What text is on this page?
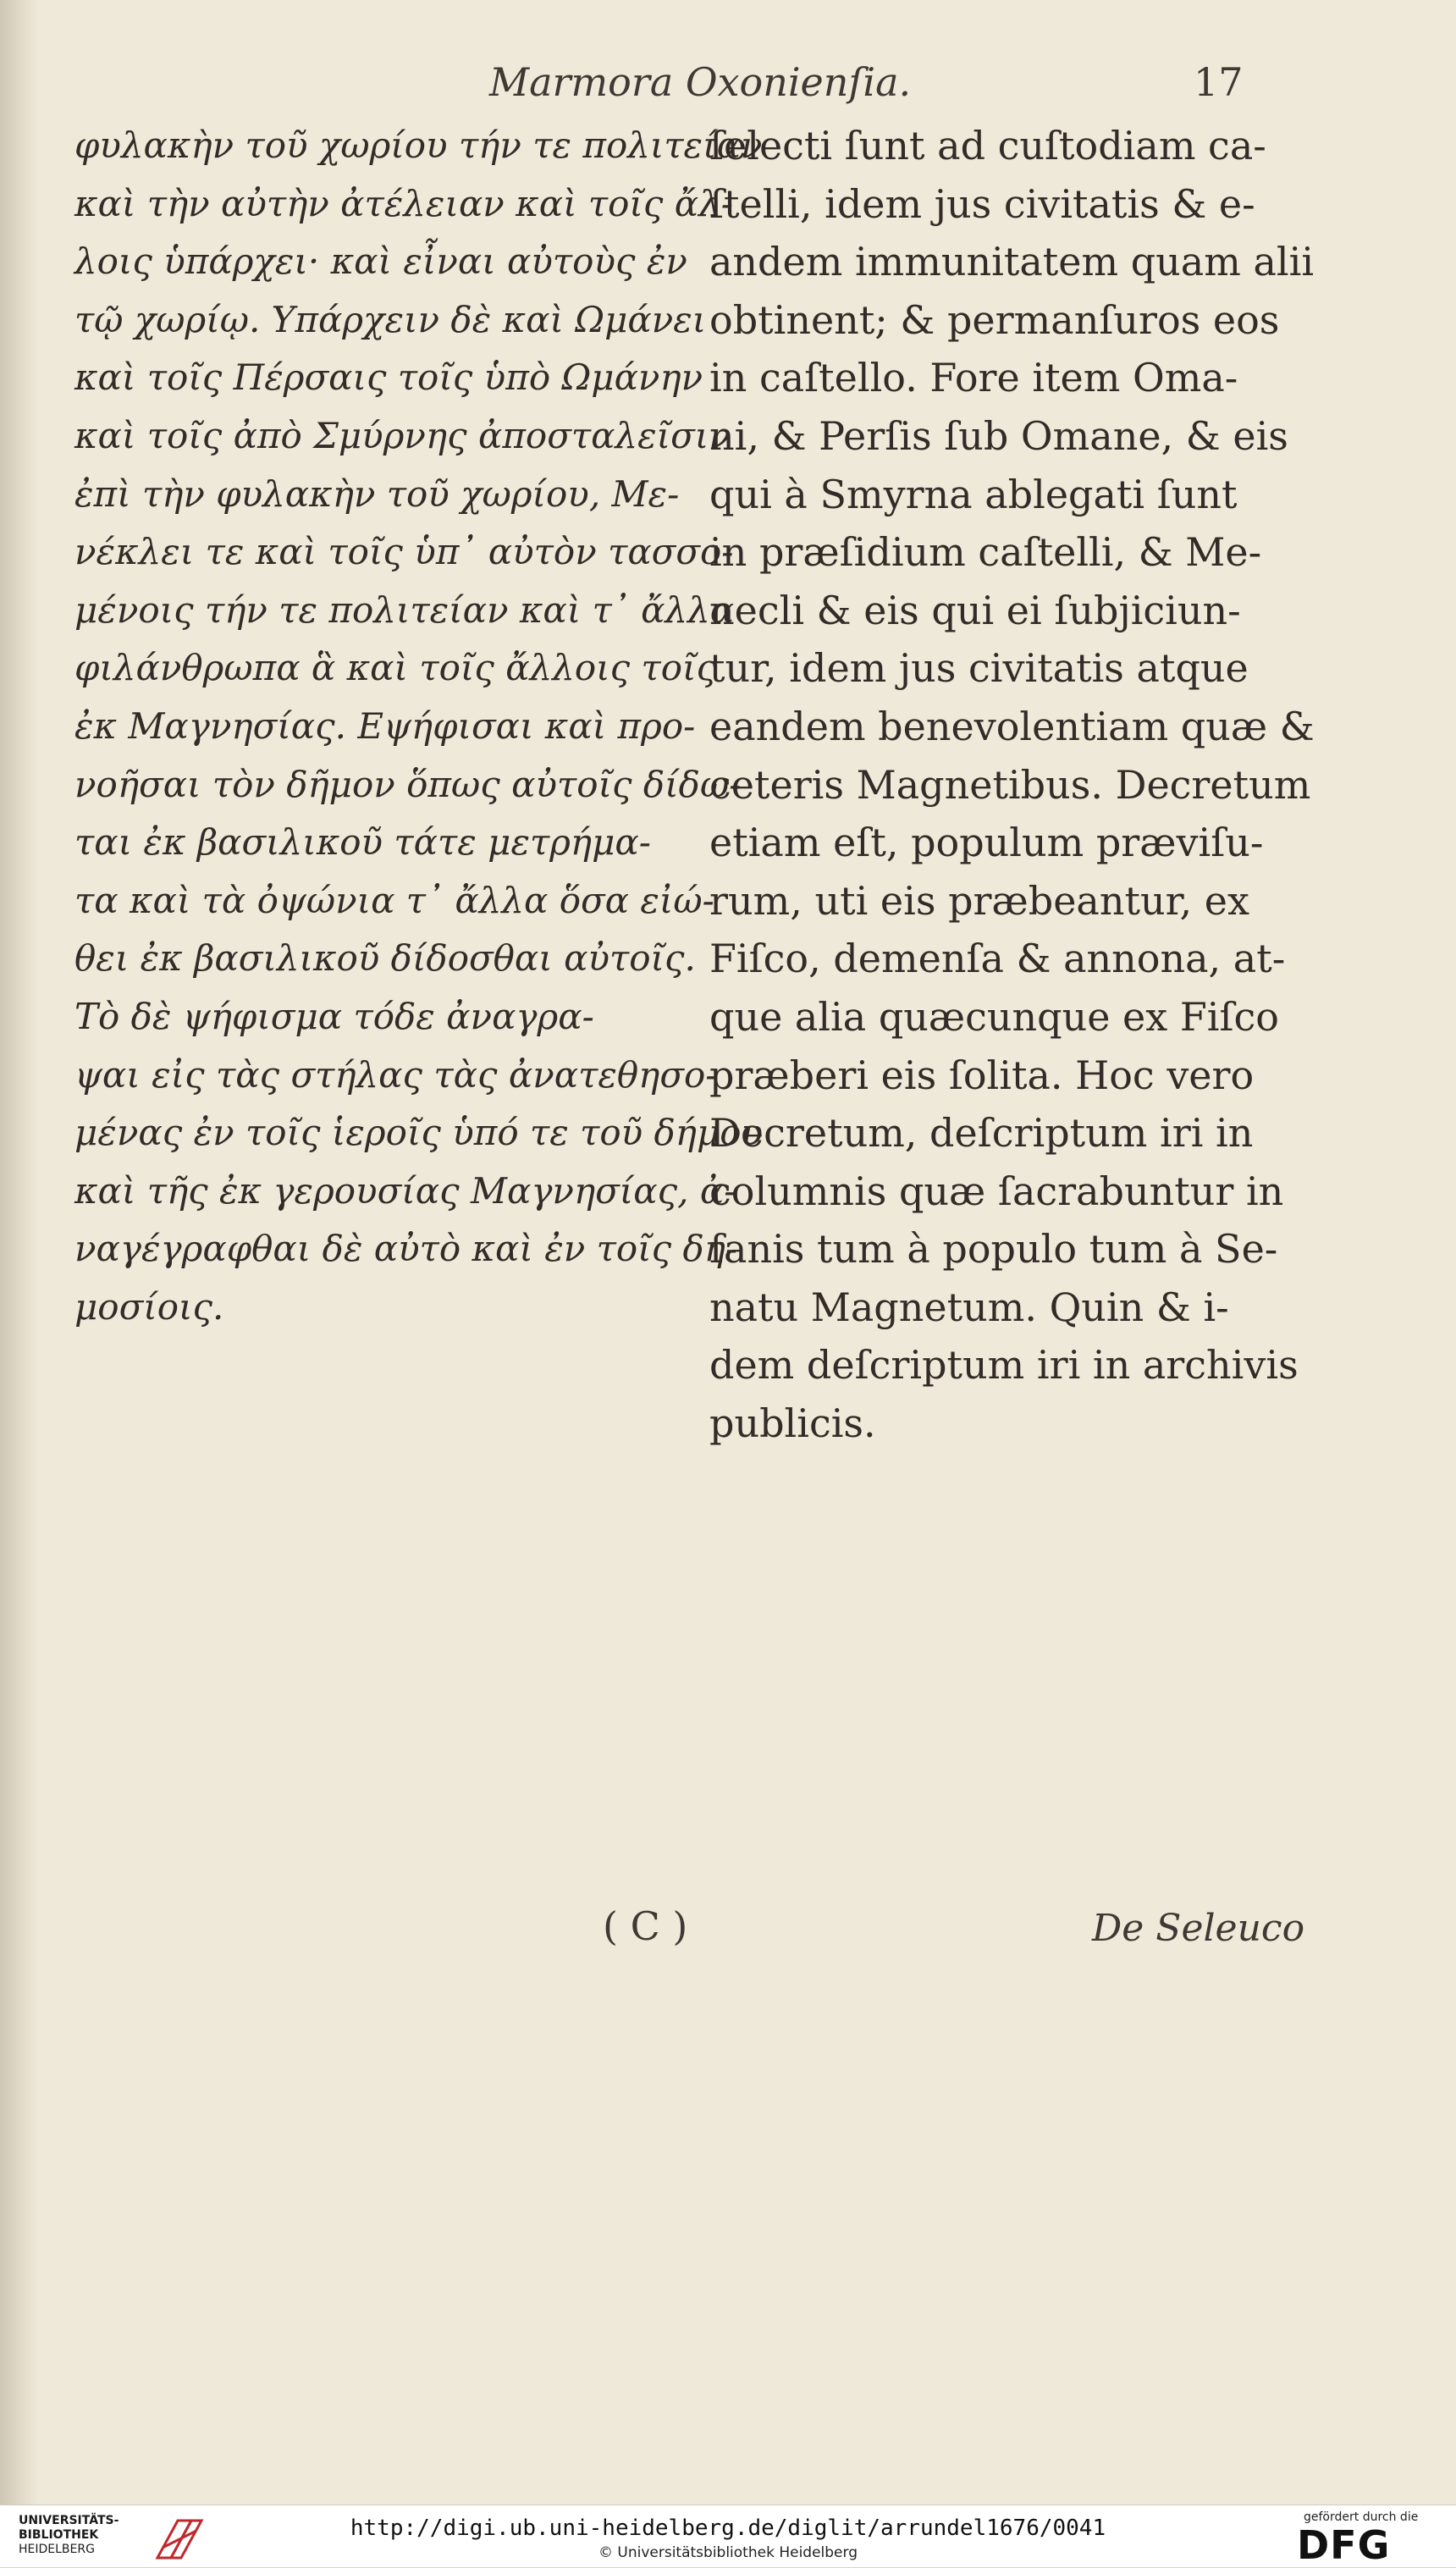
Marmora Oxonienſia.	17
φυλακὴν τοῦ χωρίου τήν τε πολιτείαν
καὶ τὴν αὐτὴν ἀτέλειαν καὶ τοῖς ἄλ-
λοις ὑπάρχει· καὶ εἶναι αὐτοὺς ἐν
τῷ χωρίῳ. Υπάρχειν δὲ καὶ Ωμάνει
καὶ τοῖς Πέρσαις τοῖς ὑπὸ Ωμάνην
καὶ τοῖς ἀπὸ Σμύρνης ἀποσταλεῖσιν
ἐπὶ τὴν φυλακὴν τοῦ χωρίου, Με-
νέκλει τε καὶ τοῖς ὑπ᾽ αὐτὸν τασσο-
μένοις τήν τε πολιτείαν καὶ τ᾽ ἄλλα
φιλάνθρωπα ἃ καὶ τοῖς ἄλλοις τοῖς
ἐκ Μαγνησίας. Εψήφισαι καὶ προ-
νοῆσαι τὸν δῆμον ὅπως αὐτοῖς δίδω-
ται ἐκ βασιλικοῦ τάτε μετρήμα-
τα καὶ τὰ ὀψώνια τ᾽ ἄλλα ὅσα εἰώ-
θει ἐκ βασιλικοῦ δίδοσθαι αὐτοῖς.
Τὸ δὲ ψήφισμα τόδε ἀναγρα-
ψαι εἰς τὰς στήλας τὰς ἀνατεθησο-
μένας ἐν τοῖς ἱεροῖς ὑπό τε τοῦ δήμου
καὶ τῆς ἐκ γερουσίας Μαγνησίας, ἀ-
ναγέγραφθαι δὲ αὐτὸ καὶ ἐν τοῖς δη-
μοσίοις.
ſelecti ſunt ad cuſtodiam ca-
ſtelli, idem jus civitatis & e-
andem immunitatem quam alii
obtinent; & permanſuros eos
in caſtello. Fore item Oma-
ni, & Perſis ſub Omane, & eis
qui à Smyrna ablegati ſunt
in præſidium caſtelli, & Me-
necli & eis qui ei ſubjiciun-
tur, idem jus civitatis atque
eandem benevolentiam quæ &
ceteris Magnetibus. Decretum
etiam eſt, populum præviſu-
rum, uti eis præbeantur, ex
Fiſco, demenſa & annona, at-
que alia quæcunque ex Fiſco
præberi eis ſolita. Hoc vero
Decretum, deſcriptum iri in
columnis quæ ſacrabuntur in
fanis tum à populo tum à Se-
natu Magnetum. Quin & i-
dem deſcriptum iri in archivis
publicis.
( C )	De Seleuco
UNIVERSITÄTS-
BIBLIOTHEK
HEIDELBERG
http://digi.ub.uni-heidelberg.de/diglit/arrundel1676/0041
© Universitätsbibliothek Heidelberg
gefördert durch die
DFG
